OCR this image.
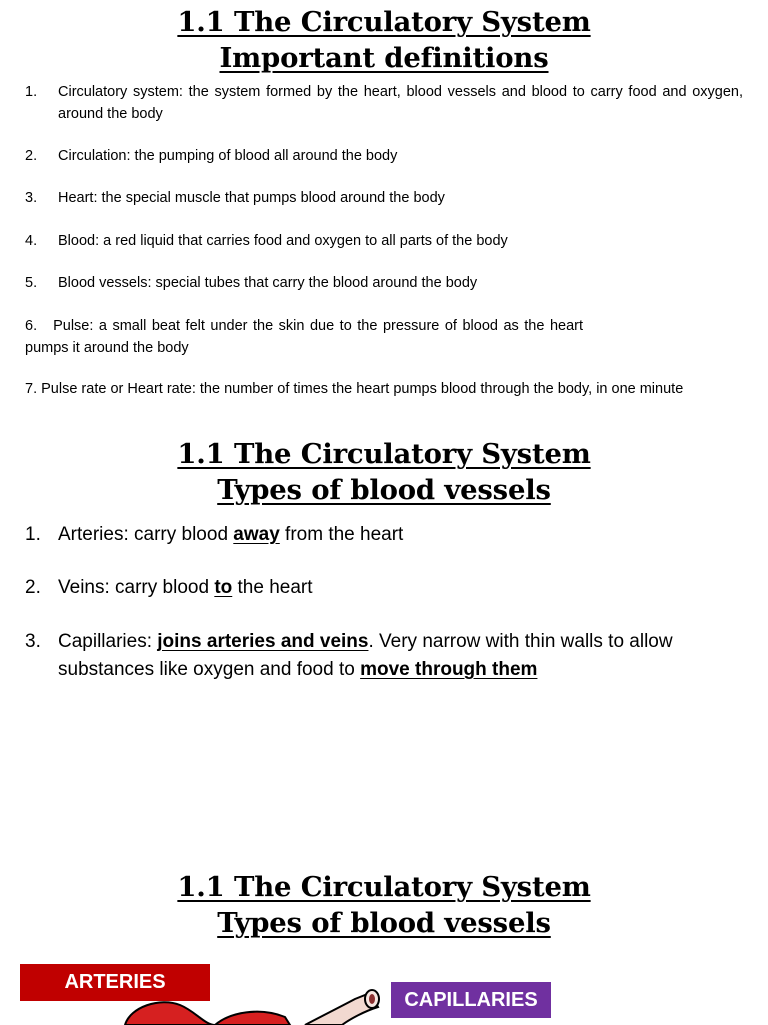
1.1 The Circulatory System

Important definitions

1. Circulatory system: the system formed by the heart, blood vessels and blood to carry food and oxygen, around the body
2. Circulation: the pumping of blood all around the body
3. Heart: the special muscle that pumps blood around the body
4. Blood: a red liquid that carries food and oxygen to all parts of the body
5. Blood vessels: special tubes that carry the blood around the body
6. Pulse: a small beat felt under the skin due to the pressure of blood as the heart pumps it around the body
7. Pulse rate or Heart rate: the number of times the heart pumps blood through the body, in one minute

1.1 The Circulatory System

Types of blood vessels

1. Arteries: carry blood away from the heart
2. Veins: carry blood to the heart
3. Capillaries: joins arteries and veins. Very narrow with thin walls to allow substances like oxygen and food to move through them

1.1 The Circulatory System

Types of blood vessels

ARTERIES
CAPILLARIES
